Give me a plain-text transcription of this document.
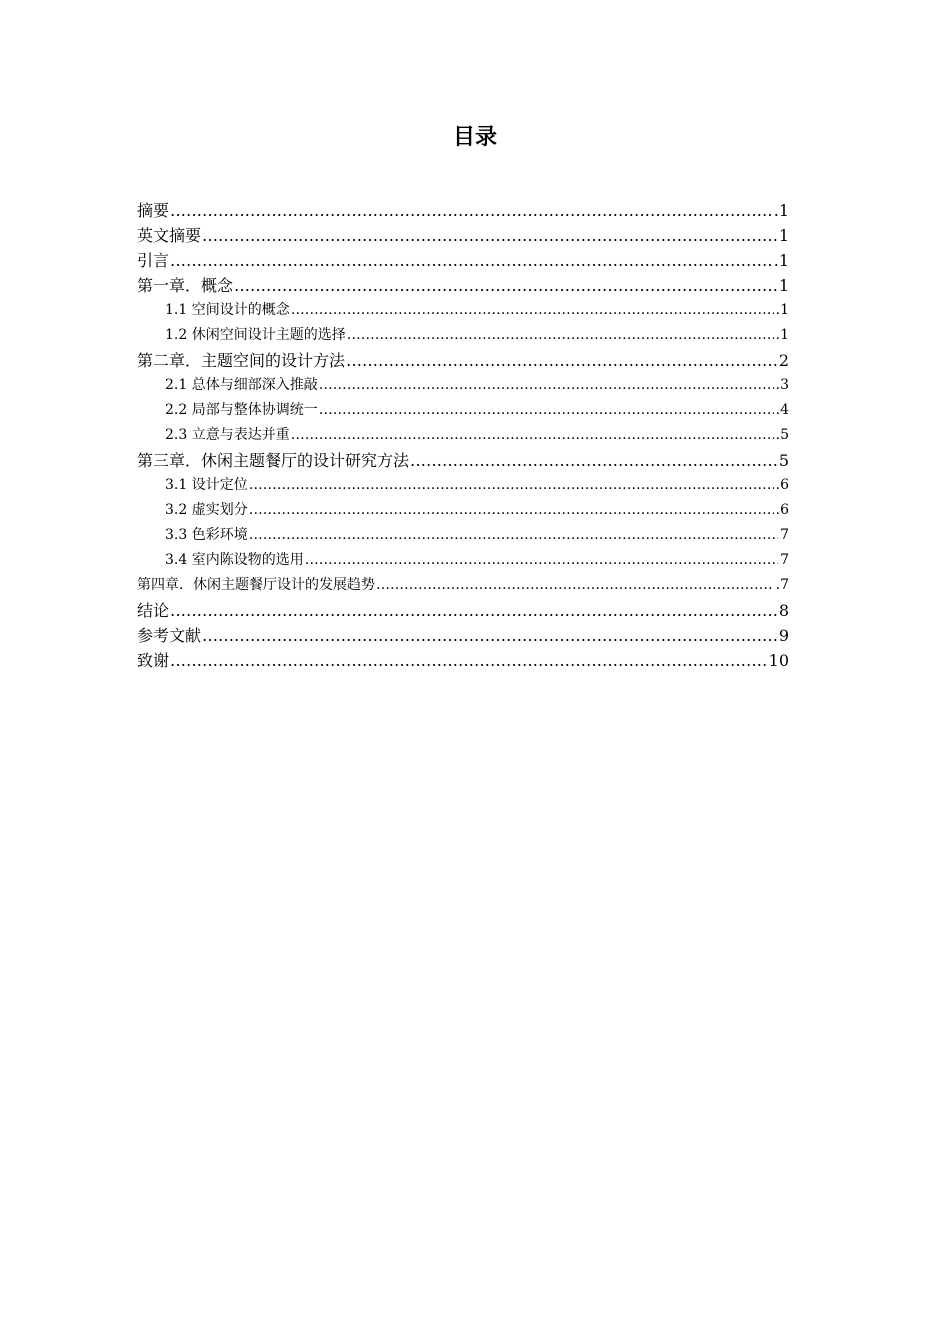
目录
摘要 ………………………………………………………………………………………………………………………………………………………………………………………………………………	.1
英文摘要 ………………………………………………………………………………………………………………………………………………………………………………………………………………	1
引言 ………………………………………………………………………………………………………………………………………………………………………………………………………………	.1
第一章．概念 ………………………………………………………………………………………………………………………………………………………………………………………………………………	1
1.1 空间设计的概念 ………………………………………………………………………………………………………………………………………………………………………………………………………………	.1
1.2 休闲空间设计主题的选择 ………………………………………………………………………………………………………………………………………………………………………………………………………………	.1
第二章．主题空间的设计方法 ………………………………………………………………………………………………………………………………………………………………………………………………………………	2
2.1 总体与细部深入推敲 ………………………………………………………………………………………………………………………………………………………………………………………………………………	.3
2.2 局部与整体协调统一 ………………………………………………………………………………………………………………………………………………………………………………………………………………	.4
2.3 立意与表达并重 ………………………………………………………………………………………………………………………………………………………………………………………………………………	.5
第三章．休闲主题餐厅的设计研究方法 ………………………………………………………………………………………………………………………………………………………………………………………………………………	5
3.1 设计定位 ………………………………………………………………………………………………………………………………………………………………………………………………………………	.6
3.2 虚实划分 ………………………………………………………………………………………………………………………………………………………………………………………………………………	.6
3.3 色彩环境 ………………………………………………………………………………………………………………………………………………………………………………………………………………	7
3.4 室内陈设物的选用 ………………………………………………………………………………………………………………………………………………………………………………………………………………	7
第四章．休闲主题餐厅设计的发展趋势 ………………………………………………………………………………………………………………………………………………………………………………………………………………	.7
结论 ………………………………………………………………………………………………………………………………………………………………………………………………………………	8
参考文献 ………………………………………………………………………………………………………………………………………………………………………………………………………………	9
致谢 ………………………………………………………………………………………………………………………………………………………………………………………………………………	10
